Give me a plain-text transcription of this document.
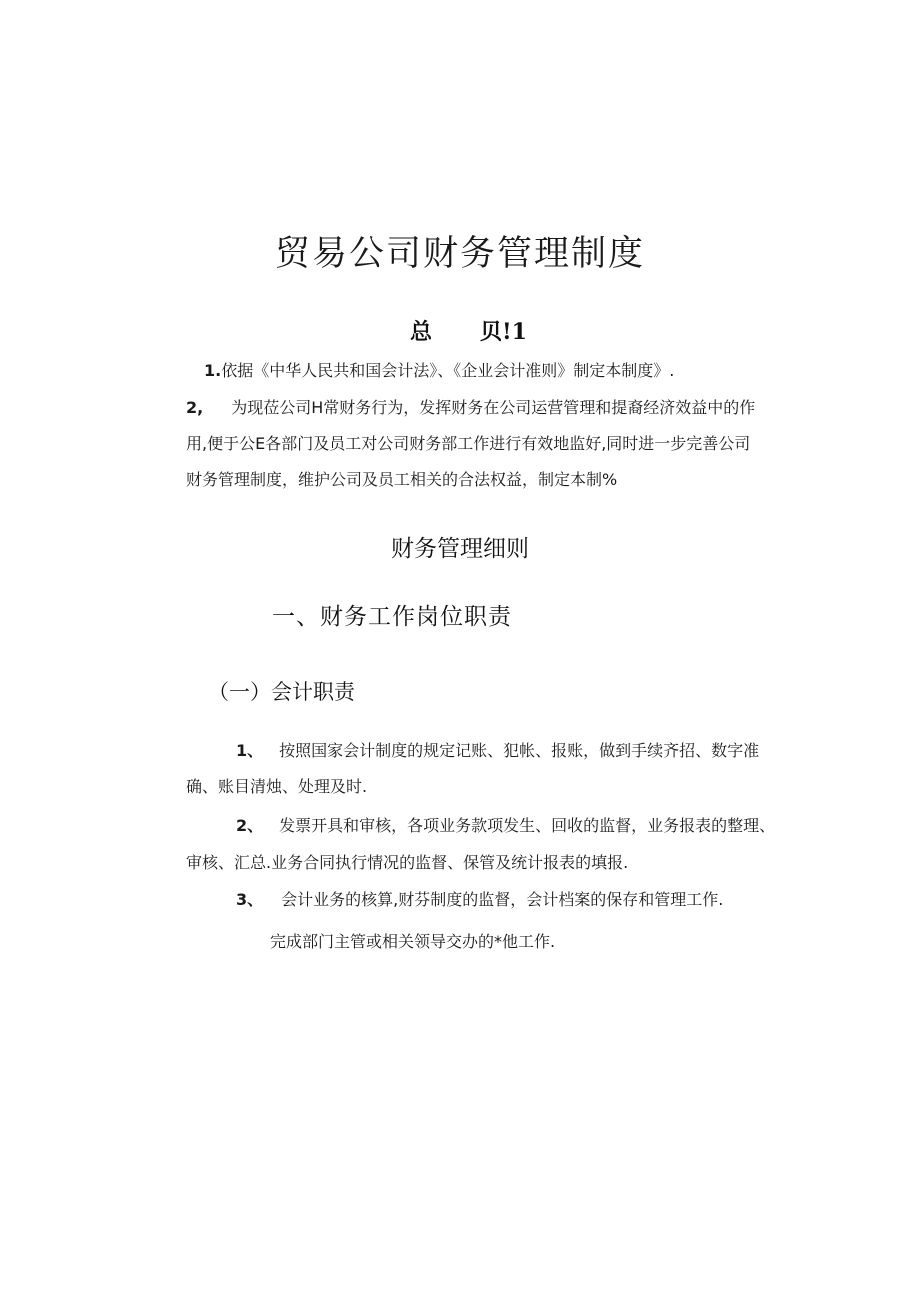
贸易公司财务管理制度
总 贝!1
1.依据《中华人民共和国会计法》、《企业会计准则》制定本制度》.
2, 为现莅公司H常财务行为，发挥财务在公司运营管理和提裔经济效益中的作
用,便于公E各部门及员工对公司财务部工作进行有效地监好,同时进一步完善公司
财务管理制度，维护公司及员工相关的合法权益，制定本制%
财务管理细则
一、财务工作岗位职责
（一）会计职责
1、 按照国家会计制度的规定记账、犯帐、报账，做到手续齐招、数字准
确、账目清烛、处理及时.
2、 发票开具和审核，各项业务款项发生、回收的监督，业务报表的整理、
审核、汇总.业务合同执行情况的监督、保管及统计报表的填报.
3、 会计业务的核算,财芬制度的监督，会计档案的保存和管理工作.
完成部门主管或相关领导交办的*他工作.
